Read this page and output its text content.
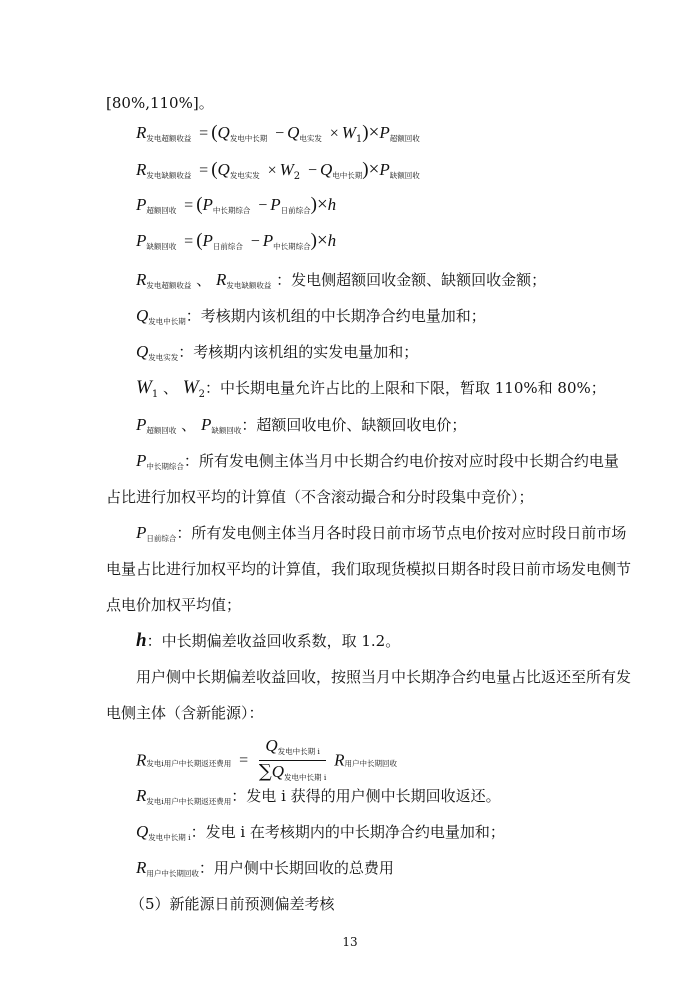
[80%,110%]。
$R_{发电超额收益} = (Q_{发电中长期} - Q_{电实发} \times W_1)\times P_{超额回收}$
$R_{发电缺额收益} = (Q_{发电实发} \times W_2 - Q_{电中长期})\times P_{缺额回收}$
$P_{超额回收} = (P_{中长期综合} - P_{日前综合})\times h$
$P_{缺额回收} = (P_{日前综合} - P_{中长期综合})\times h$
$R_{发电超额收益}$ 、 $R_{发电缺额收益}$ ：发电侧超额回收金额、缺额回收金额；
$Q_{发电中长期}$：考核期内该机组的中长期净合约电量加和；
$Q_{发电实发}$：考核期内该机组的实发电量加和；
$W_1$ 、 $W_2$：中长期电量允许占比的上限和下限，暂取 110%和 80%；
$P_{超额回收}$ 、 $P_{缺额回收}$：超额回收电价、缺额回收电价；
$P_{中长期综合}$：所有发电侧主体当月中长期合约电价按对应时段中长期合约电量
占比进行加权平均的计算值（不含滚动撮合和分时段集中竞价）；
$P_{日前综合}$：所有发电侧主体当月各时段日前市场节点电价按对应时段日前市场
电量占比进行加权平均的计算值，我们取现货模拟日期各时段日前市场发电侧节
点电价加权平均值；
h：中长期偏差收益回收系数，取 1.2。
用户侧中长期偏差收益回收，按照当月中长期净合约电量占比返还至所有发
电侧主体（含新能源）：
$R_{发电i用户中长期返还费用} = \frac{Q_{发电中长期 i}}{\sum Q_{发电中长期 i}} R_{用户中长期回收}$
$R_{发电i用户中长期返还费用}$：发电 i 获得的用户侧中长期回收返还。
$Q_{发电中长期 i}$：发电 i 在考核期内的中长期净合约电量加和；
$R_{用户中长期回收}$：用户侧中长期回收的总费用
（5）新能源日前预测偏差考核
13
